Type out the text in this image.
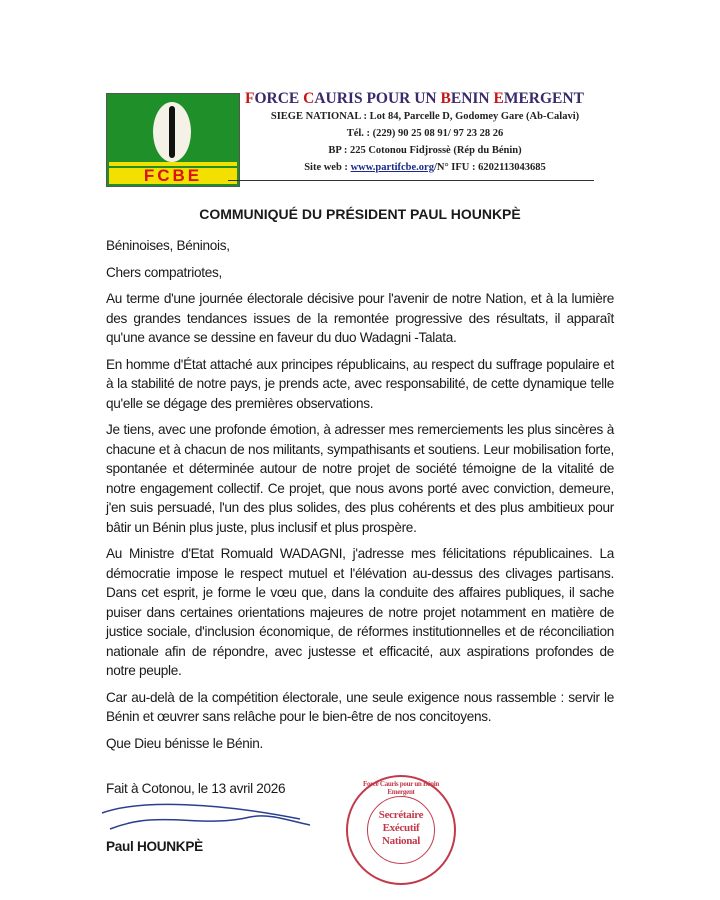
FCBE
FORCE CAURIS POUR UN BENIN EMERGENT
SIEGE NATIONAL : Lot 84, Parcelle D, Godomey Gare (Ab-Calavi)
Tél. : (229) 90 25 08 91/ 97 23 28 26
BP : 225 Cotonou Fidjrossè (Rép du Bénin)
Site web : www.partifcbe.org/N° IFU : 6202113043685
COMMUNIQUÉ DU PRÉSIDENT PAUL HOUNKPÈ

Béninoises, Béninois,

Chers compatriotes,

Au terme d'une journée électorale décisive pour l'avenir de notre Nation, et à la lumière des grandes tendances issues de la remontée progressive des résultats, il apparaît qu'une avance se dessine en faveur du duo Wadagni -Talata.

En homme d'État attaché aux principes républicains, au respect du suffrage populaire et à la stabilité de notre pays, je prends acte, avec responsabilité, de cette dynamique telle qu'elle se dégage des premières observations.

Je tiens, avec une profonde émotion, à adresser mes remerciements les plus sincères à chacune et à chacun de nos militants, sympathisants et soutiens. Leur mobilisation forte, spontanée et déterminée autour de notre projet de société témoigne de la vitalité de notre engagement collectif. Ce projet, que nous avons porté avec conviction, demeure, j'en suis persuadé, l'un des plus solides, des plus cohérents et des plus ambitieux pour bâtir un Bénin plus juste, plus inclusif et plus prospère.

Au Ministre d'Etat Romuald WADAGNI, j'adresse mes félicitations républicaines. La démocratie impose le respect mutuel et l'élévation au-dessus des clivages partisans. Dans cet esprit, je forme le vœu que, dans la conduite des affaires publiques, il sache puiser dans certaines orientations majeures de notre projet notamment en matière de justice sociale, d'inclusion économique, de réformes institutionnelles et de réconciliation nationale afin de répondre, avec justesse et efficacité, aux aspirations profondes de notre peuple.

Car au-delà de la compétition électorale, une seule exigence nous rassemble : servir le Bénin et œuvrer sans relâche pour le bien-être de nos concitoyens.

Que Dieu bénisse le Bénin.

Fait à Cotonou, le 13 avril 2026
Paul HOUNKPÈ
Force Cauris pour un Bénin Emergent
Secrétaire
Exécutif
National
